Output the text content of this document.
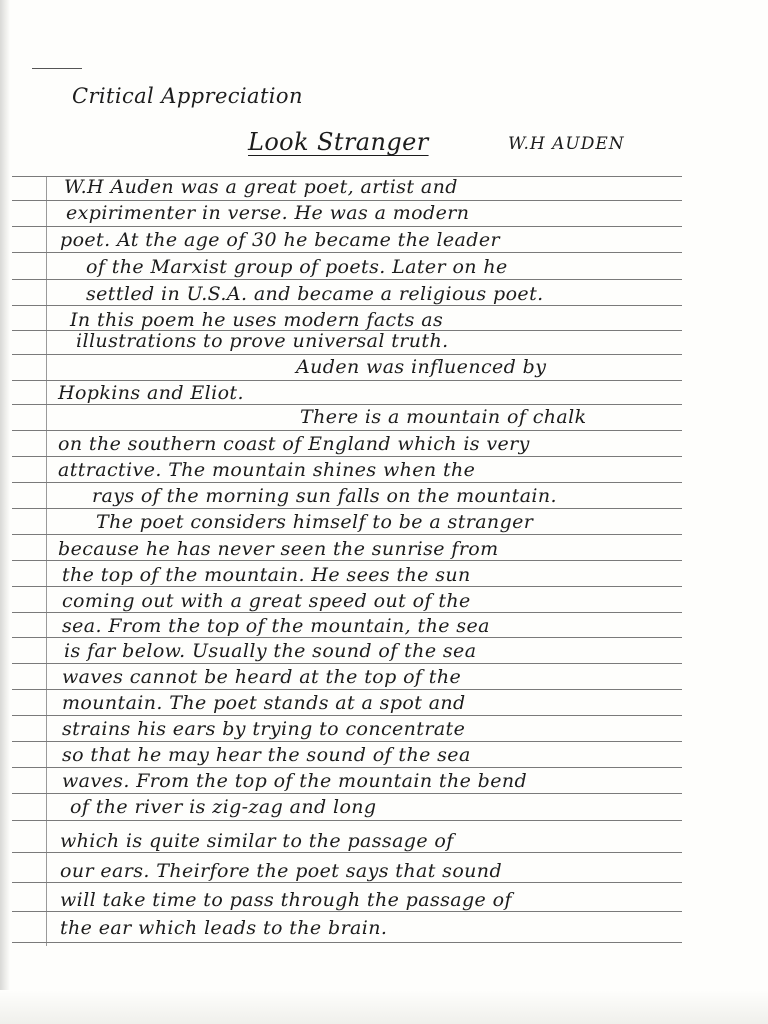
Critical Appreciation
Look Stranger	W.H AUDEN
W.H Auden was a great poet, artist and
expirimenter in verse. He was a modern
poet. At the age of 30 he became the leader
of the Marxist group of poets. Later on he
settled in U.S.A. and became a religious poet.
In this poem he uses modern facts as
illustrations to prove universal truth.
Auden was influenced by
Hopkins and Eliot.
There is a mountain of chalk
on the southern coast of England which is very
attractive. The mountain shines when the
rays of the morning sun falls on the mountain.
The poet considers himself to be a stranger
because he has never seen the sunrise from
the top of the mountain. He sees the sun
coming out with a great speed out of the
sea. From the top of the mountain, the sea
is far below. Usually the sound of the sea
waves cannot be heard at the top of the
mountain. The poet stands at a spot and
strains his ears by trying to concentrate
so that he may hear the sound of the sea
waves. From the top of the mountain the bend
of the river is zig-zag and long
which is quite similar to the passage of
our ears. Theirfore the poet says that sound
will take time to pass through the passage of
the ear which leads to the brain.
